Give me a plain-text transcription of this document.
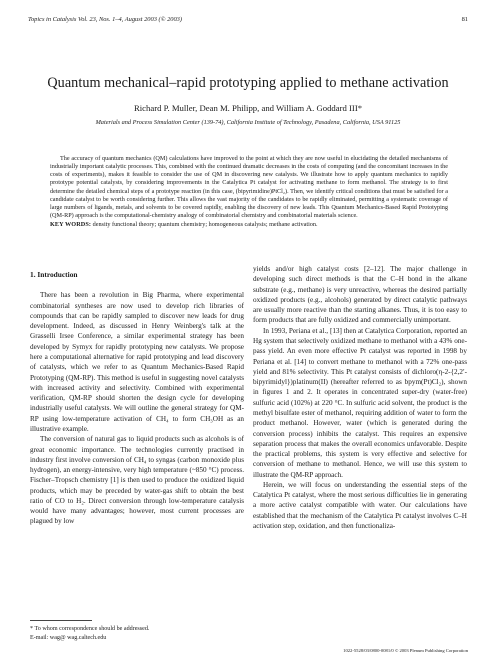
Topics in Catalysis Vol. 23, Nos. 1–4, August 2003 (© 2003)	81
Quantum mechanical–rapid prototyping applied to methane activation
Richard P. Muller, Dean M. Philipp, and William A. Goddard III*
Materials and Process Simulation Center (139-74), California Institute of Technology, Pasadena, California, USA 91125

The accuracy of quantum mechanics (QM) calculations have improved to the point at which they are now useful in elucidating the detailed mechanisms of industrially important catalytic processes. This, combined with the continued dramatic decreases in the costs of computing (and the concomitant increases in the costs of experiments), makes it feasible to consider the use of QM in discovering new catalysts. We illustrate how to apply quantum mechanics to rapidly prototype potential catalysts, by considering improvements in the Catalytica Pt catalyst for activating methane to form methanol. The strategy is to first determine the detailed chemical steps of a prototype reaction (in this case, (bipyrimidine)PtCl₂). Then, we identify critical conditions that must be satisfied for a candidate catalyst to be worth considering further. This allows the vast majority of the candidates to be rapidly eliminated, permitting a systematic coverage of large numbers of ligands, metals, and solvents to be covered rapidly, enabling the discovery of new leads. This Quantum Mechanics-Based Rapid Prototyping (QM-RP) approach is the computational-chemistry analogy of combinatorial chemistry and combinatorial materials science.

KEY WORDS: density functional theory; quantum chemistry; homogeneous catalysis; methane activation.
1. Introduction

There has been a revolution in Big Pharma, where experimental combinatorial syntheses are now used to develop rich libraries of compounds that can be rapidly sampled to discover new leads for drug development. Indeed, as discussed in Henry Weinberg's talk at the Grasselli Irsee Conference, a similar experimental strategy has been developed by Symyx for rapidly prototyping new catalysts. We propose here a computational alternative for rapid prototyping and lead discovery of catalysts, which we refer to as Quantum Mechanics-Based Rapid Prototyping (QM-RP). This method is useful in suggesting novel catalysts with increased activity and selectivity. Combined with experimental verification, QM-RP should shorten the design cycle for developing industrially useful catalysts. We will outline the general strategy for QM-RP using low-temperature activation of CH₄ to form CH₃OH as an illustrative example.

The conversion of natural gas to liquid products such as alcohols is of great economic importance. The technologies currently practised in industry first involve conversion of CH₄ to syngas (carbon monoxide plus hydrogen), an energy-intensive, very high temperature (~850 °C) process. Fischer–Tropsch chemistry [1] is then used to produce the oxidized liquid products, which may be preceded by water-gas shift to obtain the best ratio of CO to H₂. Direct conversion through low-temperature catalysis would have many advantages; however, most current processes are plagued by low

yields and/or high catalyst costs [2–12]. The major challenge in developing such direct methods is that the C–H bond in the alkane substrate (e.g., methane) is very unreactive, whereas the desired partially oxidized products (e.g., alcohols) generated by direct catalytic pathways are usually more reactive than the starting alkanes. Thus, it is too easy to form products that are fully oxidized and commercially unimportant.

In 1993, Periana et al., [13] then at Catalytica Corporation, reported an Hg system that selectively oxidized methane to methanol with a 43% one-pass yield. An even more effective Pt catalyst was reported in 1998 by Periana et al. [14] to convert methane to methanol with a 72% one-pass yield and 81% selectivity. This Pt catalyst consists of dichloro(η-2-{2,2′-bipyrimidyl})platinum(II) (hereafter referred to as bpym(Pt)Cl₂), shown in figures 1 and 2. It operates in concentrated super-dry (water-free) sulfuric acid (102%) at 220 °C. In sulfuric acid solvent, the product is the methyl bisulfate ester of methanol, requiring addition of water to form the product methanol. However, water (which is generated during the conversion process) inhibits the catalyst. This requires an expensive separation process that makes the overall economics unfavorable. Despite the practical problems, this system is very effective and selective for conversion of methane to methanol. Hence, we will use this system to illustrate the QM-RP approach.

Herein, we will focus on understanding the essential steps of the Catalytica Pt catalyst, where the most serious difficulties lie in generating a more active catalyst compatible with water. Our calculations have established that the mechanism of the Catalytica Pt catalyst involves C–H activation step, oxidation, and then functionaliza-

* To whom correspondence should be addressed.
E-mail: wag@ wag.caltech.edu
1022-5528/03/0800-0081/0 © 2003 Plenum Publishing Corporation
